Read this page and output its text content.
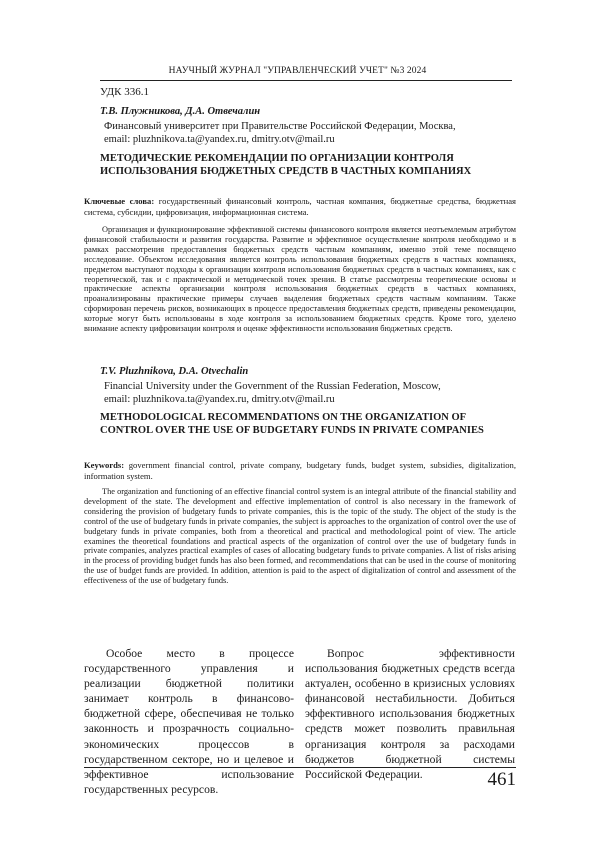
НАУЧНЫЙ ЖУРНАЛ "УПРАВЛЕНЧЕСКИЙ УЧЕТ" №3 2024
УДК 336.1
Т.В. Плужникова, Д.А. Отвечалин
Финансовый университет при Правительстве Российской Федерации, Москва,
email: pluzhnikova.ta@yandex.ru, dmitry.otv@mail.ru
МЕТОДИЧЕСКИЕ РЕКОМЕНДАЦИИ ПО ОРГАНИЗАЦИИ КОНТРОЛЯ ИСПОЛЬЗОВАНИЯ БЮДЖЕТНЫХ СРЕДСТВ В ЧАСТНЫХ КОМПАНИЯХ
Ключевые слова: государственный финансовый контроль, частная компания, бюджетные средства, бюджетная система, субсидии, цифровизация, информационная система.
Организация и функционирование эффективной системы финансового контроля является неотъемлемым атрибутом финансовой стабильности и развития государства. Развитие и эффективное осуществление контроля необходимо и в рамках рассмотрения предоставления бюджетных средств частным компаниям, именно этой теме посвящено исследование. Объектом исследования является контроль использования бюджетных средств в частных компаниях, предметом выступают подходы к организации контроля использования бюджетных средств в частных компаниях, как с теоретической, так и с практической и методической точек зрения. В статье рассмотрены теоретические основы и практические аспекты организации контроля использования бюджетных средств в частных компаниях, проанализированы практические примеры случаев выделения бюджетных средств частным компаниям. Также сформирован перечень рисков, возникающих в процессе предоставления бюджетных средств, приведены рекомендации, которые могут быть использованы в ходе контроля за использованием бюджетных средств. Кроме того, уделено внимание аспекту цифровизации контроля и оценке эффективности использования бюджетных средств.
T.V. Pluzhnikova, D.A. Otvechalin
Financial University under the Government of the Russian Federation, Moscow,
email: pluzhnikova.ta@yandex.ru, dmitry.otv@mail.ru
METHODOLOGICAL RECOMMENDATIONS ON THE ORGANIZATION OF CONTROL OVER THE USE OF BUDGETARY FUNDS IN PRIVATE COMPANIES
Keywords: government financial control, private company, budgetary funds, budget system, subsidies, digitalization, information system.
The organization and functioning of an effective financial control system is an integral attribute of the financial stability and development of the state. The development and effective implementation of control is also necessary in the framework of considering the provision of budgetary funds to private companies, this is the topic of the study. The object of the study is the control of the use of budgetary funds in private companies, the subject is approaches to the organization of control over the use of budgetary funds in private companies, both from a theoretical and practical and methodological point of view. The article examines the theoretical foundations and practical aspects of the organization of control over the use of budgetary funds in private companies, analyzes practical examples of cases of allocating budgetary funds to private companies. A list of risks arising in the process of providing budget funds has also been formed, and recommendations that can be used in the course of monitoring the use of budget funds are provided. In addition, attention is paid to the aspect of digitalization of control and assessment of the effectiveness of the use of budgetary funds.
Особое место в процессе государственного управления и реализации бюджетной политики занимает контроль в финансово-бюджетной сфере, обеспечивая не только законность и прозрачность социально-экономических процессов в государственном секторе, но и целевое и эффективное использование государственных ресурсов.
Вопрос эффективности использования бюджетных средств всегда актуален, особенно в кризисных условиях финансовой нестабильности. Добиться эффективного использования бюджетных средств может позволить правильная организация контроля за расходами бюджетов бюджетной системы Российской Федерации.	461
